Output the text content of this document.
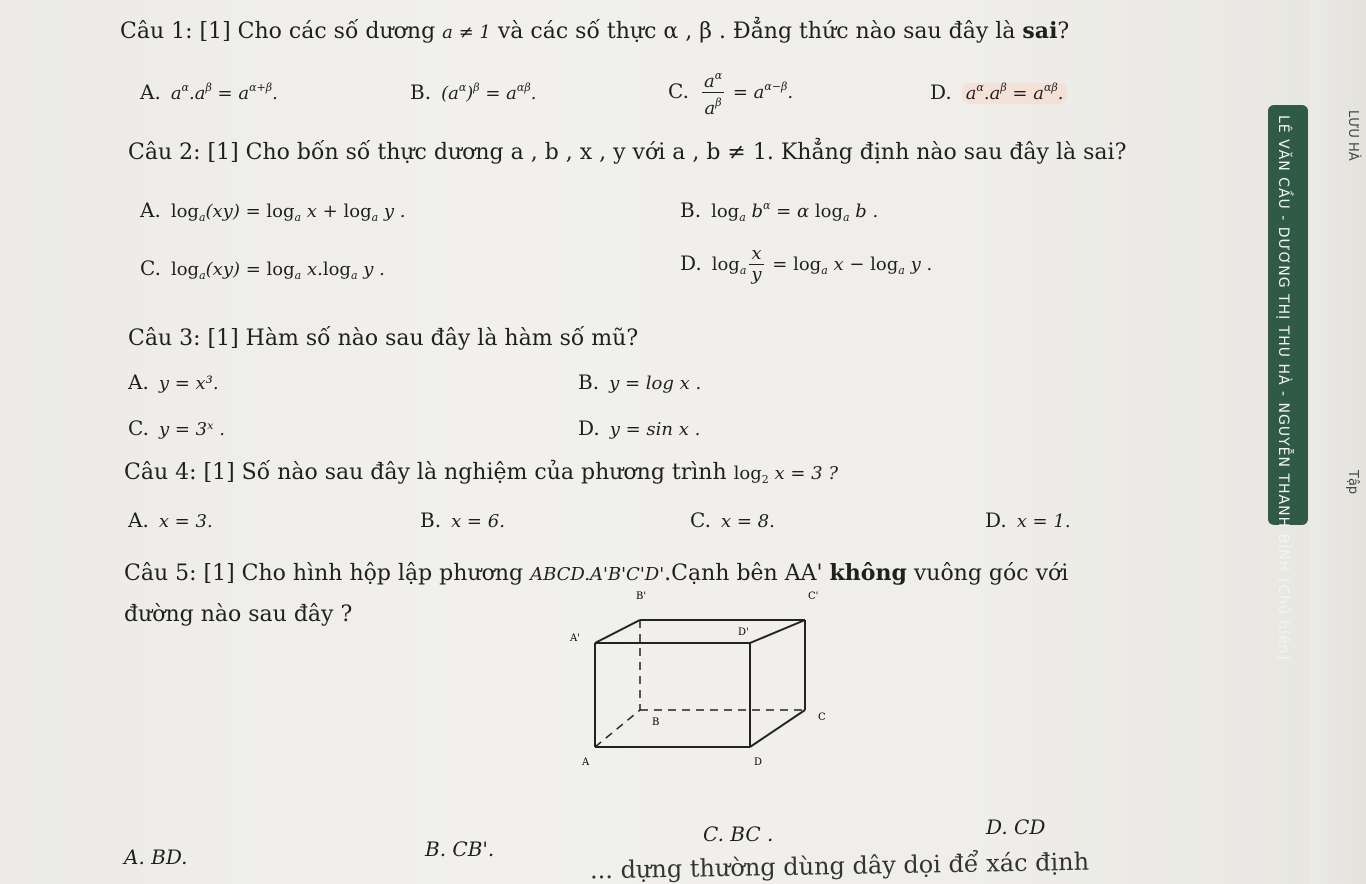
Câu 1: [1] Cho các số dương a ≠ 1 và các số thực α , β . Đẳng thức nào sau đây là sai?
A. $a^\alpha.a^\beta = a^{\alpha+\beta}$.	B. $(a^\alpha)^\beta = a^{\alpha\beta}$.	C. $\frac{a^\alpha}{a^\beta} = a^{\alpha-\beta}$.	D. $a^\alpha.a^\beta = a^{\alpha\beta}$.
Câu 2: [1] Cho bốn số thực dương a , b , x , y với a , b ≠ 1. Khẳng định nào sau đây là sai?
A. $\log_a(xy) = \log_a x + \log_a y$ .	B. $\log_a b^\alpha = \alpha$ $\log_a b$ .
C. $\log_a(xy) = \log_a x.\log_a$ y .	D. $\log_a \frac{x}{y} = \log_a x - \log_a y$ .
Câu 3: [1] Hàm số nào sau đây là hàm số mũ?
A. y = x³.	B. y = log x .
C. y = 3ˣ .	D. y = sin x .
Câu 4: [1] Số nào sau đây là nghiệm của phương trình $\log_2 x = 3$ ?
A. x = 3.	B. x = 6.	C. x = 8.	D. x = 1.
Câu 5: [1] Cho hình hộp lập phương ABCD.A'B'C'D'.Cạnh bên AA' không vuông góc với
đường nào sau đây ?
B'	C'
A'
D'
B	C
A	D
A. BD.	B. CB'.
C. BC .	D. CD
... dựng thường dùng dây dọi để xác định
LÊ VĂN CẦU - DƯƠNG THỊ THU HÀ - NGUYỄN THANH BÌNH (Chủ biên)	LƯU HÀ
Tập
